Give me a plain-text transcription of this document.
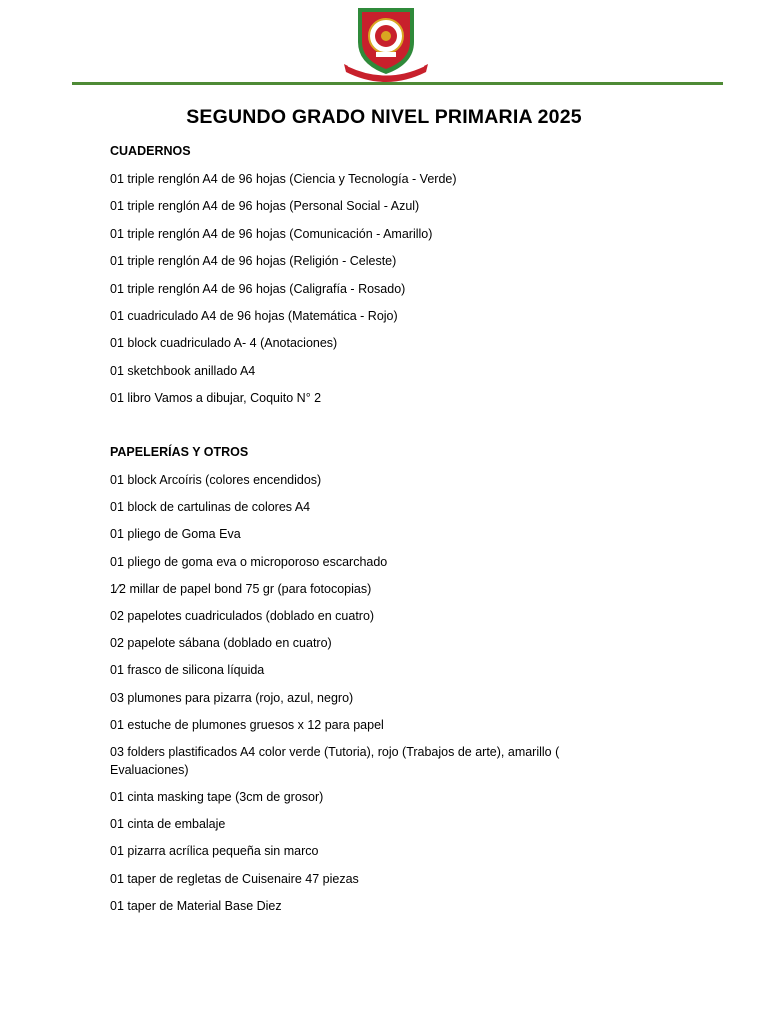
SEGUNDO GRADO NIVEL PRIMARIA 2025

CUADERNOS

01 triple renglón A4 de 96 hojas (Ciencia y Tecnología - Verde)

01 triple renglón A4 de 96 hojas (Personal Social - Azul)

01 triple renglón A4 de 96 hojas (Comunicación - Amarillo)

01 triple renglón A4 de 96 hojas (Religión - Celeste)

01 triple renglón A4 de 96 hojas (Caligrafía - Rosado)

01 cuadriculado A4 de 96 hojas (Matemática - Rojo)

01 block cuadriculado A- 4 (Anotaciones)

01 sketchbook anillado A4

01 libro Vamos a dibujar, Coquito N° 2

PAPELERÍAS Y OTROS

01 block Arcoíris (colores encendidos)

01 block de cartulinas de colores A4

01 pliego de Goma Eva

01 pliego de goma eva o microporoso escarchado

1⁄2 millar de papel bond 75 gr (para fotocopias)

02 papelotes cuadriculados (doblado en cuatro)

02 papelote sábana (doblado en cuatro)

01 frasco de silicona líquida

03 plumones para pizarra (rojo, azul, negro)

01 estuche de plumones gruesos x 12 para papel

03 folders plastificados A4 color verde (Tutoria), rojo (Trabajos de arte), amarillo ( Evaluaciones)

01 cinta masking tape (3cm de grosor)

01 cinta de embalaje

01 pizarra acrílica pequeña sin marco

01 taper de regletas de Cuisenaire 47 piezas

01 taper de Material Base Diez
